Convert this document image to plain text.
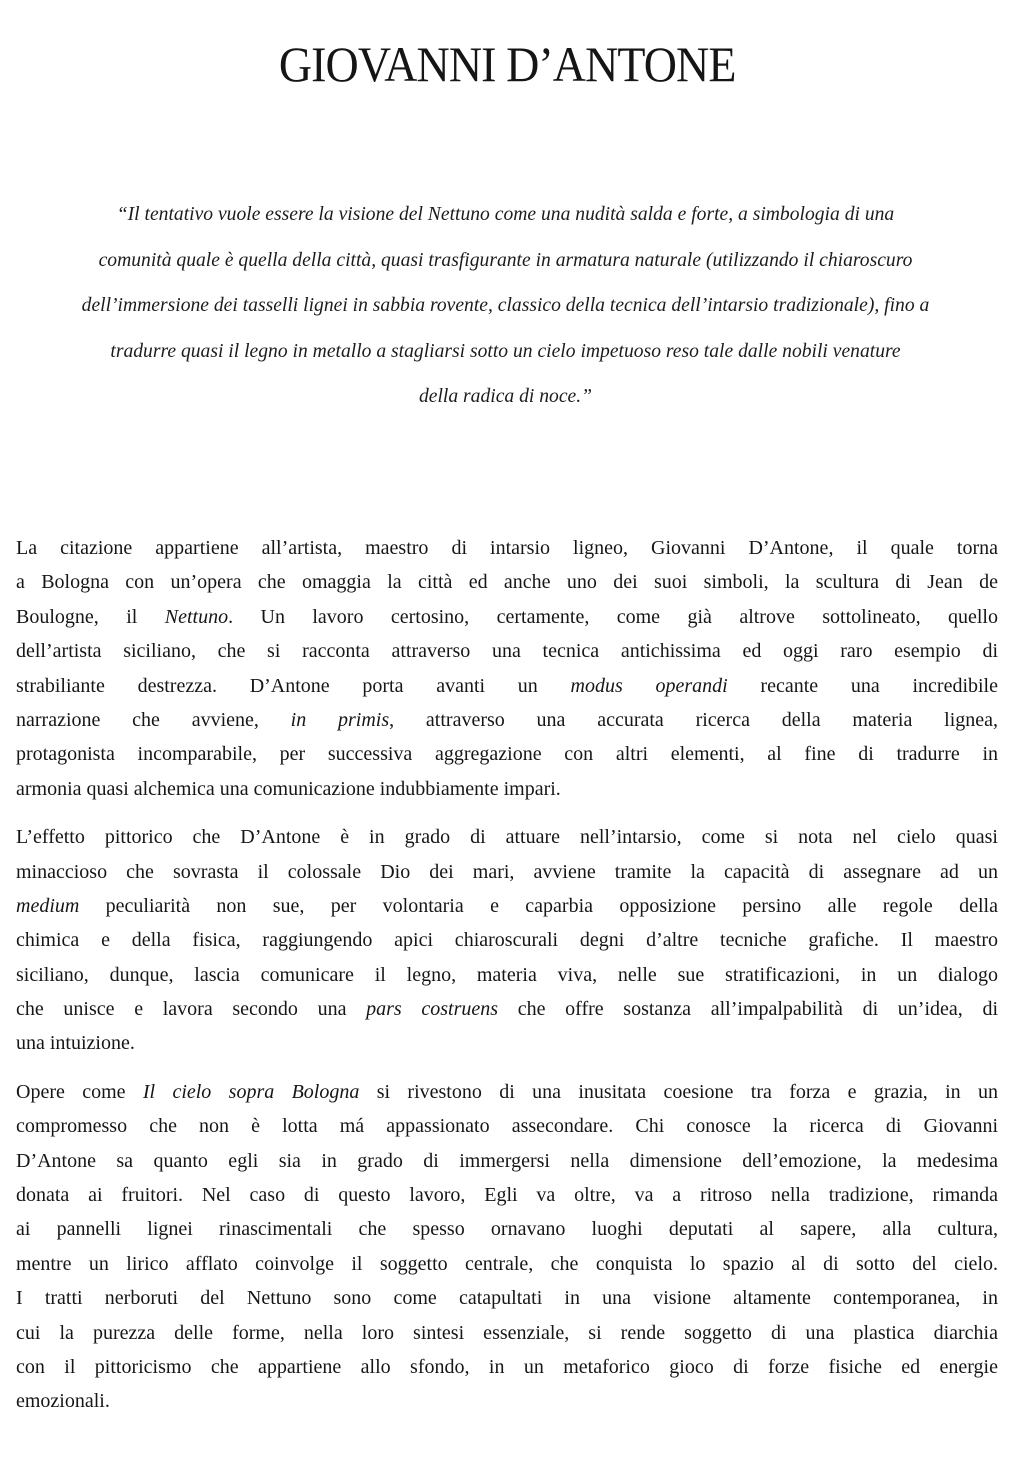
GIOVANNI D’ANTONE

“Il tentativo vuole essere la visione del Nettuno come una nudità salda e forte, a simbologia di una
comunità quale è quella della città, quasi trasfigurante in armatura naturale (utilizzando il chiaroscuro
dell’immersione dei tasselli lignei in sabbia rovente, classico della tecnica dell’intarsio tradizionale), fino a
tradurre quasi il legno in metallo a stagliarsi sotto un cielo impetuoso reso tale dalle nobili venature
della radica di noce.”

La citazione appartiene all’artista, maestro di intarsio ligneo, Giovanni D’Antone, il quale torna
a Bologna con un’opera che omaggia la città ed anche uno dei suoi simboli, la scultura di Jean de
Boulogne, il Nettuno. Un lavoro certosino, certamente, come già altrove sottolineato, quello
dell’artista siciliano, che si racconta attraverso una tecnica antichissima ed oggi raro esempio di
strabiliante destrezza. D’Antone porta avanti un modus operandi recante una incredibile
narrazione che avviene, in primis, attraverso una accurata ricerca della materia lignea,
protagonista incomparabile, per successiva aggregazione con altri elementi, al fine di tradurre in
armonia quasi alchemica una comunicazione indubbiamente impari.

L’effetto pittorico che D’Antone è in grado di attuare nell’intarsio, come si nota nel cielo quasi
minaccioso che sovrasta il colossale Dio dei mari, avviene tramite la capacità di assegnare ad un
medium peculiarità non sue, per volontaria e caparbia opposizione persino alle regole della
chimica e della fisica, raggiungendo apici chiaroscurali degni d’altre tecniche grafiche. Il maestro
siciliano, dunque, lascia comunicare il legno, materia viva, nelle sue stratificazioni, in un dialogo
che unisce e lavora secondo una pars costruens che offre sostanza all’impalpabilità di un’idea, di
una intuizione.

Opere come Il cielo sopra Bologna si rivestono di una inusitata coesione tra forza e grazia, in un
compromesso che non è lotta má appassionato assecondare. Chi conosce la ricerca di Giovanni
D’Antone sa quanto egli sia in grado di immergersi nella dimensione dell’emozione, la medesima
donata ai fruitori. Nel caso di questo lavoro, Egli va oltre, va a ritroso nella tradizione, rimanda
ai pannelli lignei rinascimentali che spesso ornavano luoghi deputati al sapere, alla cultura,
mentre un lirico afflato coinvolge il soggetto centrale, che conquista lo spazio al di sotto del cielo.
I tratti nerboruti del Nettuno sono come catapultati in una visione altamente contemporanea, in
cui la purezza delle forme, nella loro sintesi essenziale, si rende soggetto di una plastica diarchia
con il pittoricismo che appartiene allo sfondo, in un metaforico gioco di forze fisiche ed energie
emozionali.
